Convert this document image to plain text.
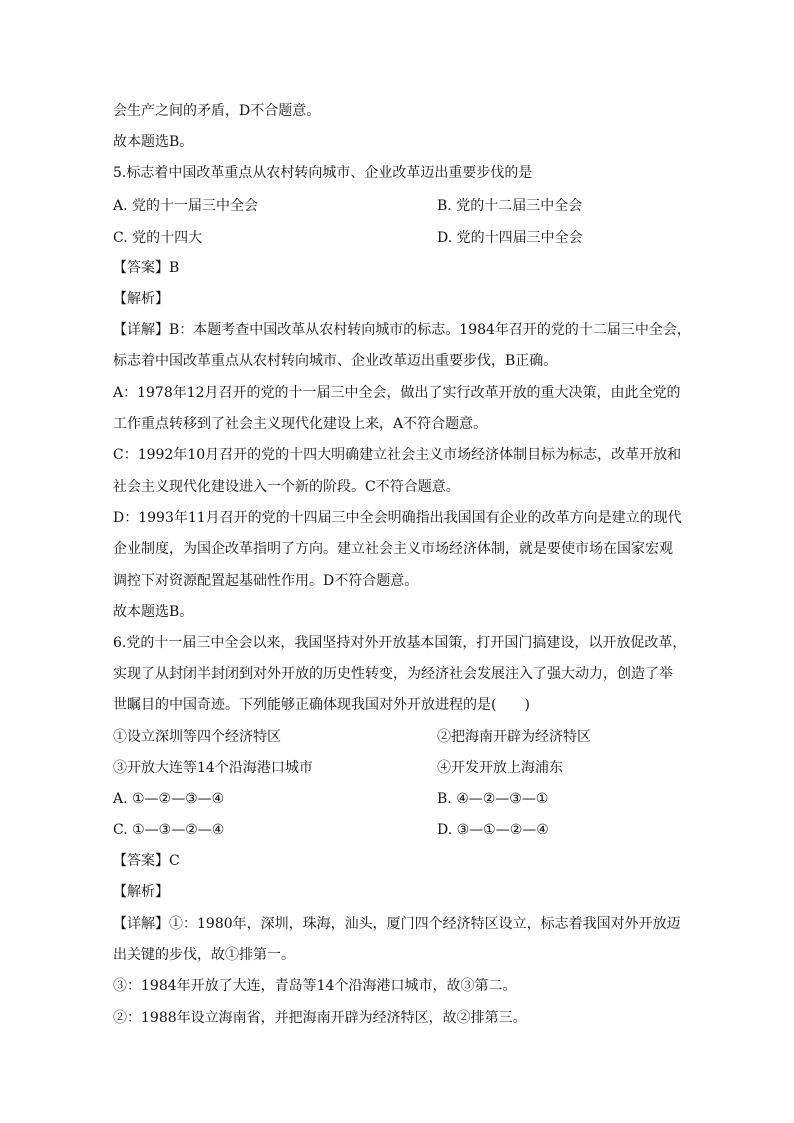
会生产之间的矛盾，D不合题意。
故本题选B。
5.标志着中国改革重点从农村转向城市、企业改革迈出重要步伐的是
A. 党的十一届三中全会	B. 党的十二届三中全会
C. 党的十四大	D. 党的十四届三中全会
【答案】B
【解析】
【详解】B：本题考查中国改革从农村转向城市的标志。1984年召开的党的十二届三中全会，
标志着中国改革重点从农村转向城市、企业改革迈出重要步伐，B正确。
A：1978年12月召开的党的十一届三中全会，做出了实行改革开放的重大决策，由此全党的
工作重点转移到了社会主义现代化建设上来，A不符合题意。
C：1992年10月召开的党的十四大明确建立社会主义市场经济体制目标为标志，改革开放和
社会主义现代化建设进入一个新的阶段。C不符合题意。
D：1993年11月召开的党的十四届三中全会明确指出我国国有企业的改革方向是建立的现代
企业制度，为国企改革指明了方向。建立社会主义市场经济体制，就是要使市场在国家宏观
调控下对资源配置起基础性作用。D不符合题意。
故本题选B。
6.党的十一届三中全会以来，我国坚持对外开放基本国策，打开国门搞建设，以开放促改革，
实现了从封闭半封闭到对外开放的历史性转变，为经济社会发展注入了强大动力，创造了举
世瞩目的中国奇迹。下列能够正确体现我国对外开放进程的是(　　)
①设立深圳等四个经济特区	②把海南开辟为经济特区
③开放大连等14个沿海港口城市	④开发开放上海浦东
A. ①—②—③—④	B. ④—②—③—①
C. ①—③—②—④	D. ③—①—②—④
【答案】C
【解析】
【详解】①：1980年，深圳，珠海，汕头，厦门四个经济特区设立，标志着我国对外开放迈
出关键的步伐，故①排第一。
③：1984年开放了大连，青岛等14个沿海港口城市，故③第二。
②：1988年设立海南省，并把海南开辟为经济特区，故②排第三。
